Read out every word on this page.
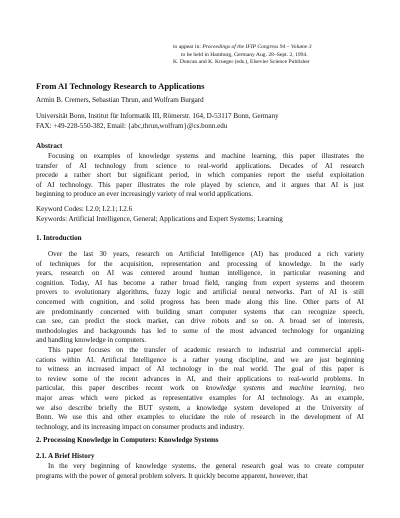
to appear in: Proceedings of the IFIP Congress 94 – Volume 3
to be held in Hamburg, Germany Aug. 28–Sept. 2, 1994.
K. Duncan and K. Krueger (eds.), Elsevier Science Publisher
From AI Technology Research to Applications
Armin B. Cremers, Sebastian Thrun, and Wolfram Burgard
Universität Bonn, Institut für Informatik III, Römerstr. 164, D-53117 Bonn, Germany
FAX: +49-228-550-382, Email: {abc,thrun,wolfram}@cs.bonn.edu
Abstract
Focusing on examples of knowledge systems and machine learning, this paper illustrates the
transfer of AI technology from science to real-world applications. Decades of AI research
precede a rather short but significant period, in which companies report the useful exploitation
of AI technology. This paper illustrates the role played by science, and it argues that AI is just
beginning to produce an ever increasingly variety of real world applications.
Keyword Codes: I.2.0; I.2.1; I.2.6
Keywords: Artificial Intelligence, General; Applications and Expert Systems; Learning
1. Introduction
Over the last 30 years, research on Artificial Intelligence (AI) has produced a rich variety
of techniques for the acquisition, representation and processing of knowledge. In the early
years, research on AI was centered around human intelligence, in particular reasoning and
cognition. Today, AI has become a rather broad field, ranging from expert systems and theorem
provers to evolutionary algorithms, fuzzy logic and artificial neural networks. Part of AI is still
concerned with cognition, and solid progress has been made along this line. Other parts of AI
are predominantly concerned with building smart computer systems that can recognize speech,
can see, can predict the stock market, can drive robots and so on. A broad set of interests,
methodologies and backgrounds has led to some of the most advanced technology for organizing
and handling knowledge in computers.
This paper focuses on the transfer of academic research to industrial and commercial appli-
cations within AI. Artificial Intelligence is a rather young discipline, and we are just beginning
to witness an increased impact of AI technology in the real world. The goal of this paper is
to review some of the recent advances in AI, and their applications to real-world problems. In
particular, this paper describes recent work on knowledge systems and machine learning, two
major areas which were picked as representative examples for AI technology. As an example,
we also describe briefly the BUT system, a knowledge system developed at the University of
Bonn. We use this and other examples to elucidate the role of research in the development of AI
technology, and its increasing impact on consumer products and industry.
2. Processing Knowledge in Computers: Knowledge Systems
2.1. A Brief History
In the very beginning of knowledge systems, the general research goal was to create computer
programs with the power of general problem solvers. It quickly become apparent, however, that
